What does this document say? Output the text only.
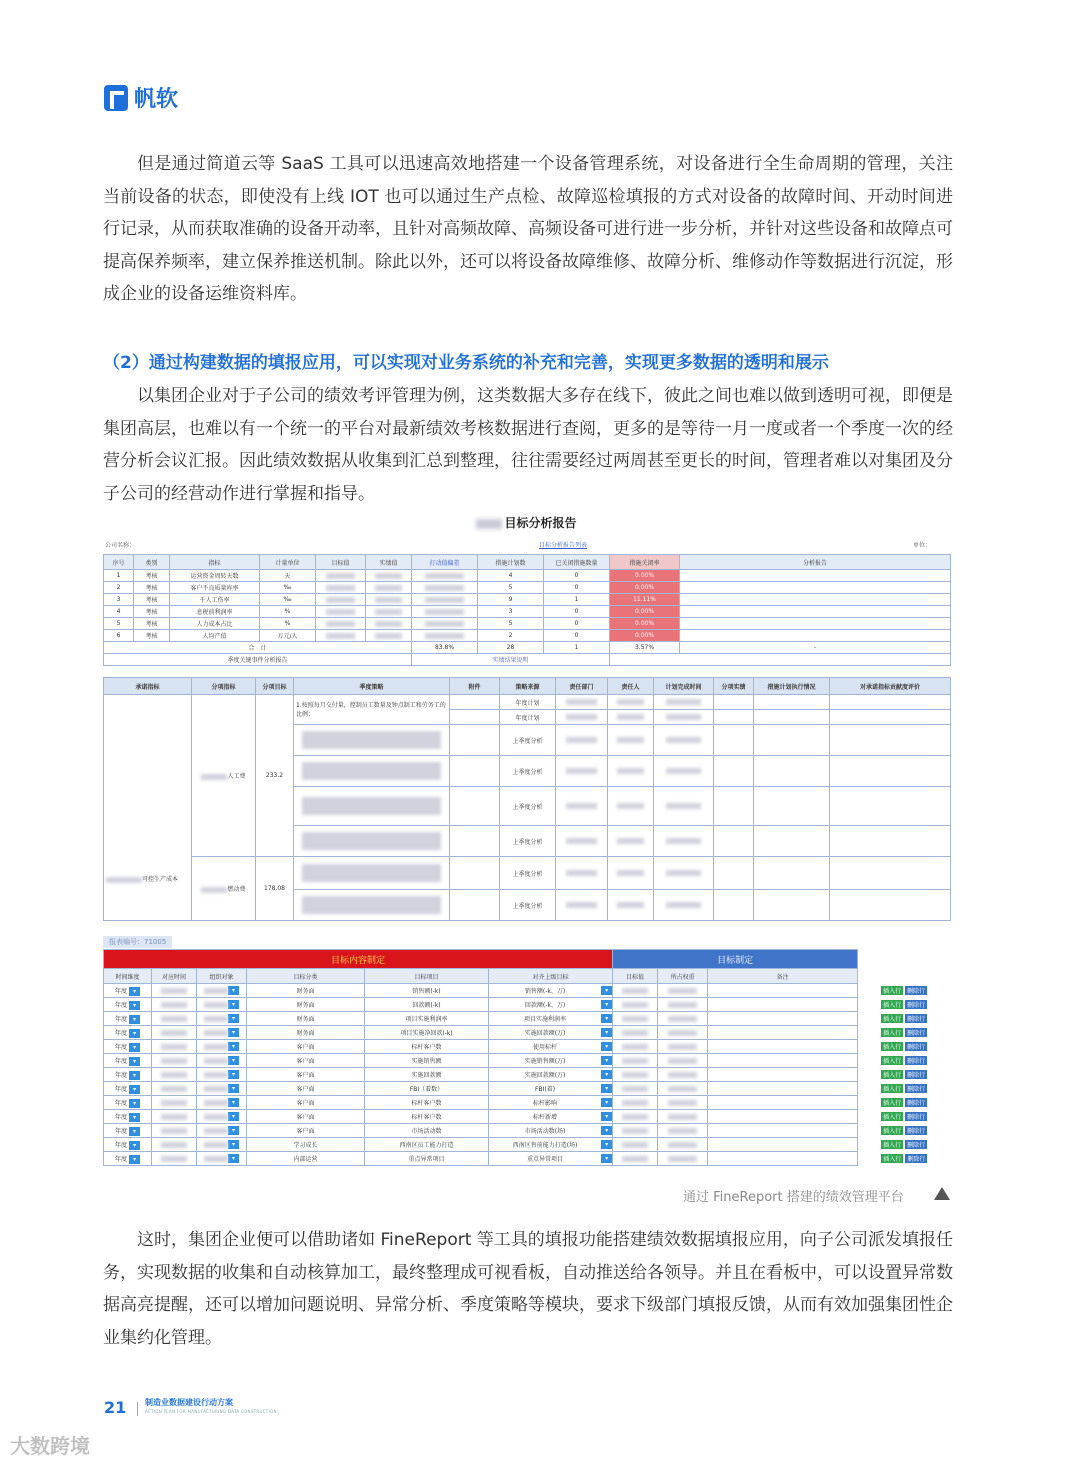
帆软

但是通过简道云等 SaaS 工具可以迅速高效地搭建一个设备管理系统，对设备进行全生命周期的管理，关注当前设备的状态，即使没有上线 IOT 也可以通过生产点检、故障巡检填报的方式对设备的故障时间、开动时间进行记录，从而获取准确的设备开动率，且针对高频故障、高频设备可进行进一步分析，并针对这些设备和故障点可提高保养频率，建立保养推送机制。除此以外，还可以将设备故障维修、故障分析、维修动作等数据进行沉淀，形成企业的设备运维资料库。

（2）通过构建数据的填报应用，可以实现对业务系统的补充和完善，实现更多数据的透明和展示

以集团企业对于子公司的绩效考评管理为例，这类数据大多存在线下，彼此之间也难以做到透明可视，即便是集团高层，也难以有一个统一的平台对最新绩效考核数据进行查阅，更多的是等待一月一度或者一个季度一次的经营分析会议汇报。因此绩效数据从收集到汇总到整理，往往需要经过两周甚至更长的时间，管理者难以对集团及分子公司的经营动作进行掌握和指导。

目标分析报告
公司名称：	目标分析报告列表	单位：
序号	类别	指标	计量单位	目标值	实绩值	打动值偏差	措施计划数	已关闭措施数量	措施关闭率	分析报告
1	考核	运营资金周转天数	天				4	0	0.00%	
2	考核	客户不良质量库率	‰				5	0	0.00%	
3	考核	千人工伤率	‰				9	1	11.11%	
4	考核	息税前利润率	%				3	0	0.00%	
5	考核	人力成本占比	%				5	0	0.00%	
6	考核	人均产值	万元/人				2	0	0.00%	
合　计						83.8%	28	1	3.57%	-
季度关键事件分析报告						实绩结果说明				
承诺指标	分项指标	分项目标	季度策略	附件	策略来源	责任部门	责任人	计划完成时间	分项实绩	措施计划执行情况	对承诺指标贡献度评价
可控生产成本	人工费	233.2	1.按照每月交付量，控制员工数量及钟点制工和劳务工的比例；		年度计划						
					年度计划						
					上季度分析						
					上季度分析						
					上季度分析						
					上季度分析						
	燃动费	178.08			上季度分析						
					上季度分析						
报表编号：71005
目标内容制定						目标制定			
时间维度	对应时间	组织对象	目标分类	目标项目	对齐上级目标	目标值	所占权重	备注	
年度 ▾		▾	财务面	销售额(-k)	销售额(-k、万) ▾				插入行 删除行
年度 ▾		▾	财务面	回款额(-k)	回款额(-k、万) ▾				插入行 删除行
年度 ▾		▾	财务面	项目实施利润率	项目实施利润率 ▾				插入行 删除行
年度 ▾		▾	财务面	项目实施净回款(-k)	实施回款额(万) ▾				插入行 删除行
年度 ▾		▾	客户面	标杆客户数	使用标杆 ▾				插入行 删除行
年度 ▾		▾	客户面	实施销售额	实施销售额(万) ▾				插入行 删除行
年度 ▾		▾	客户面	实施回款额	实施回款额(万) ▾				插入行 删除行
年度 ▾		▾	客户面	FBI（着数）	FBI(着) ▾				插入行 删除行
年度 ▾		▾	客户面	标杆客户数	标杆影响 ▾				插入行 删除行
年度 ▾		▾	客户面	标杆客户数	标杆新增 ▾				插入行 删除行
年度 ▾		▾	客户面	市场活动数	市场活动数(场) ▾				插入行 删除行
年度 ▾		▾	学习成长	西南区员工能力打造	西南区售前能力打造(场) ▾				插入行 删除行
年度 ▾		▾	内部运营	重点异常项目	重点异常项目 ▾				插入行 删除行
通过 FineReport 搭建的绩效管理平台

这时，集团企业便可以借助诸如 FineReport 等工具的填报功能搭建绩效数据填报应用，向子公司派发填报任务，实现数据的收集和自动核算加工，最终整理成可视看板，自动推送给各领导。并且在看板中，可以设置异常数据高亮提醒，还可以增加问题说明、异常分析、季度策略等模块，要求下级部门填报反馈，从而有效加强集团性企业集约化管理。

21 制造业数据建设行动方案
ACTION PLAN FOR MANUFACTURING DATA CONSTRUCTION
大数跨境
